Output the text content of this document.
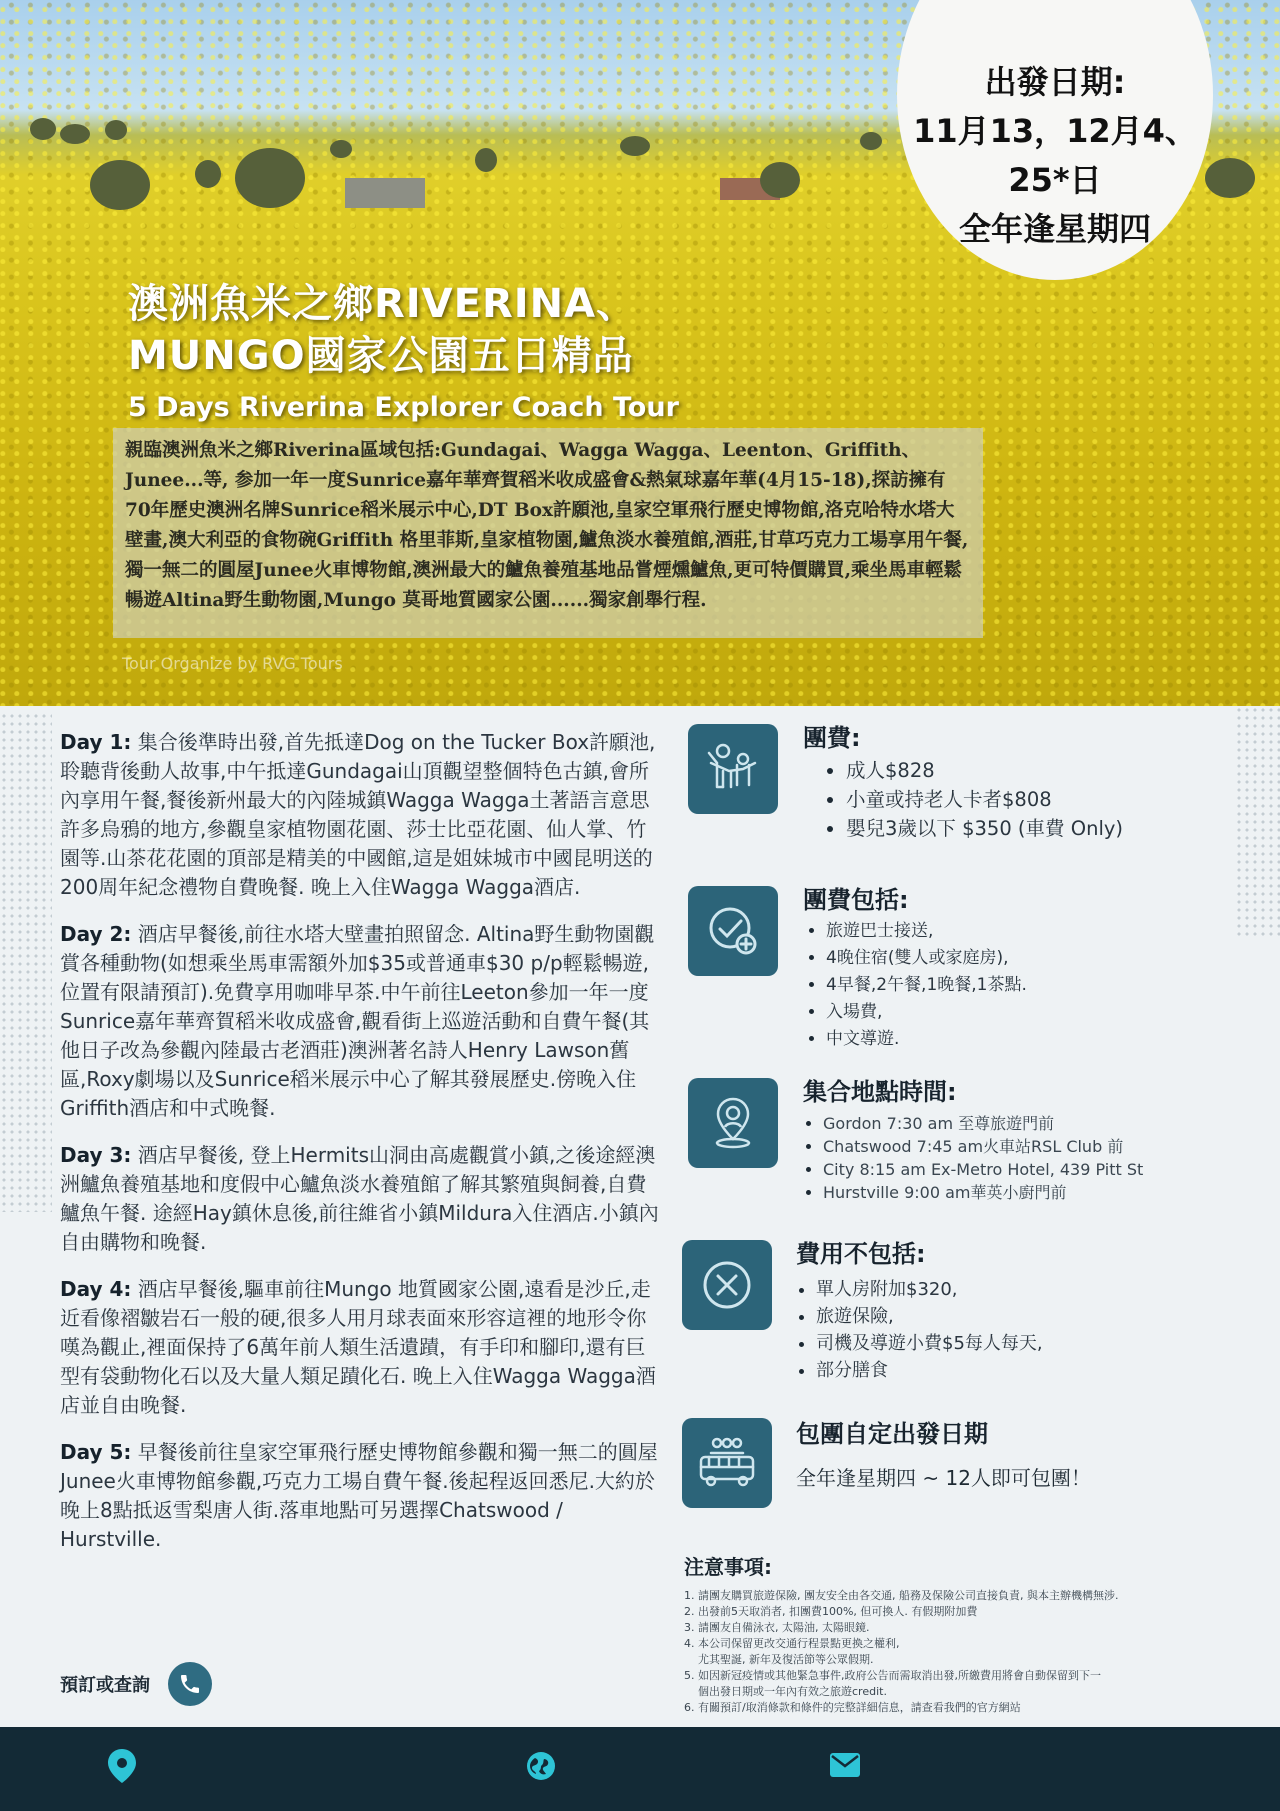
澳洲魚米之鄉RIVERINA、
MUNGO國家公園五日精品
5 Days Riverina Explorer Coach Tour
親臨澳洲魚米之鄉Riverina區域包括:Gundagai、Wagga Wagga、Leenton、Griffith、Junee...等, 参加一年一度Sunrice嘉年華齊賀稻米收成盛會&熱氣球嘉年華(4月15-18),探訪擁有70年歷史澳洲名牌Sunrice稻米展示中心,DT Box許願池,皇家空軍飛行歷史博物館,洛克哈特水塔大壁畫,澳大利亞的食物碗Griffith 格里菲斯,皇家植物園,鱸魚淡水養殖館,酒莊,甘草巧克力工場享用午餐,獨一無二的圓屋Junee火車博物館,澳洲最大的鱸魚養殖基地品嘗煙燻鱸魚,更可特價購買,乘坐馬車輕鬆暢遊Altina野生動物園,Mungo 莫哥地質國家公園......獨家創舉行程.
Tour Organize by RVG Tours
出發日期:
11月13，12月4、
25*日
全年逢星期四

Day 1: 集合後準時出發,首先抵達Dog on the Tucker Box許願池,聆聽背後動人故事,中午抵達Gundagai山頂觀望整個特色古鎮,會所內享用午餐,餐後新州最大的內陸城鎮Wagga Wagga土著語言意思許多烏鴉的地方,參觀皇家植物園花園、莎士比亞花園、仙人掌、竹園等.山茶花花園的頂部是精美的中國館,這是姐妹城市中國昆明送的200周年紀念禮物自費晚餐. 晚上入住Wagga Wagga酒店.

Day 2: 酒店早餐後,前往水塔大壁畫拍照留念. Altina野生動物園觀賞各種動物(如想乘坐馬車需額外加$35或普通車$30 p/p輕鬆暢遊,位置有限請預訂).免費享用咖啡早茶.中午前往Leeton參加一年一度Sunrice嘉年華齊賀稻米收成盛會,觀看街上巡遊活動和自費午餐(其他日子改為參觀內陸最古老酒莊)澳洲著名詩人Henry Lawson舊區,Roxy劇場以及Sunrice稻米展示中心了解其發展歷史.傍晚入住Griffith酒店和中式晚餐.

Day 3: 酒店早餐後, 登上Hermits山洞由高處觀賞小鎮,之後途經澳洲鱸魚養殖基地和度假中心鱸魚淡水養殖館了解其繁殖與飼養,自費鱸魚午餐. 途經Hay鎮休息後,前往維省小鎮Mildura入住酒店.小鎮內自由購物和晚餐.

Day 4: 酒店早餐後,驅車前往Mungo 地質國家公園,遠看是沙丘,走近看像褶皺岩石一般的硬,很多人用月球表面來形容這裡的地形令你嘆為觀止,裡面保持了6萬年前人類生活遺蹟，有手印和腳印,還有巨型有袋動物化石以及大量人類足蹟化石. 晚上入住Wagga Wagga酒店並自由晚餐.

Day 5: 早餐後前往皇家空軍飛行歷史博物館參觀和獨一無二的圓屋Junee火車博物館參觀,巧克力工場自費午餐.後起程返回悉尼.大約於晚上8點抵返雪梨唐人街.落車地點可另選擇Chatswood / Hurstville.

預訂或查詢
團費:
• 成人$828
• 小童或持老人卡者$808
• 嬰兒3歲以下 $350 (車費 Only)
團費包括:
• 旅遊巴士接送,
• 4晚住宿(雙人或家庭房),
• 4早餐,2午餐,1晚餐,1茶點.
• 入場費,
• 中文導遊.
集合地點時間:
• Gordon 7:30 am 至尊旅遊門前
• Chatswood 7:45 am火車站RSL Club 前
• City 8:15 am Ex-Metro Hotel, 439 Pitt St
• Hurstville 9:00 am華英小廚門前
費用不包括:
• 單人房附加$320,
• 旅遊保險,
• 司機及導遊小費$5每人每天,
• 部分膳食
包團自定出發日期

全年逢星期四 ~ 12人即可包團！

注意事項:
1. 請團友購買旅遊保險, 團友安全由各交通, 船務及保險公司直接負責, 與本主辦機構無涉.
2. 出發前5天取消者, 扣團費100%, 但可換人. 有假期附加費
3. 請團友自備泳衣, 太陽油, 太陽眼鏡.
4. 本公司保留更改交通行程景點更換之權利,
尤其聖誕, 新年及復活節等公眾假期.
5. 如因新冠疫情或其他緊急事件,政府公告而需取消出發,所繳費用將會自動保留到下一
個出發日期或一年內有效之旅遊credit.
6. 有關預訂/取消條款和條件的完整詳細信息，請查看我們的官方網站
